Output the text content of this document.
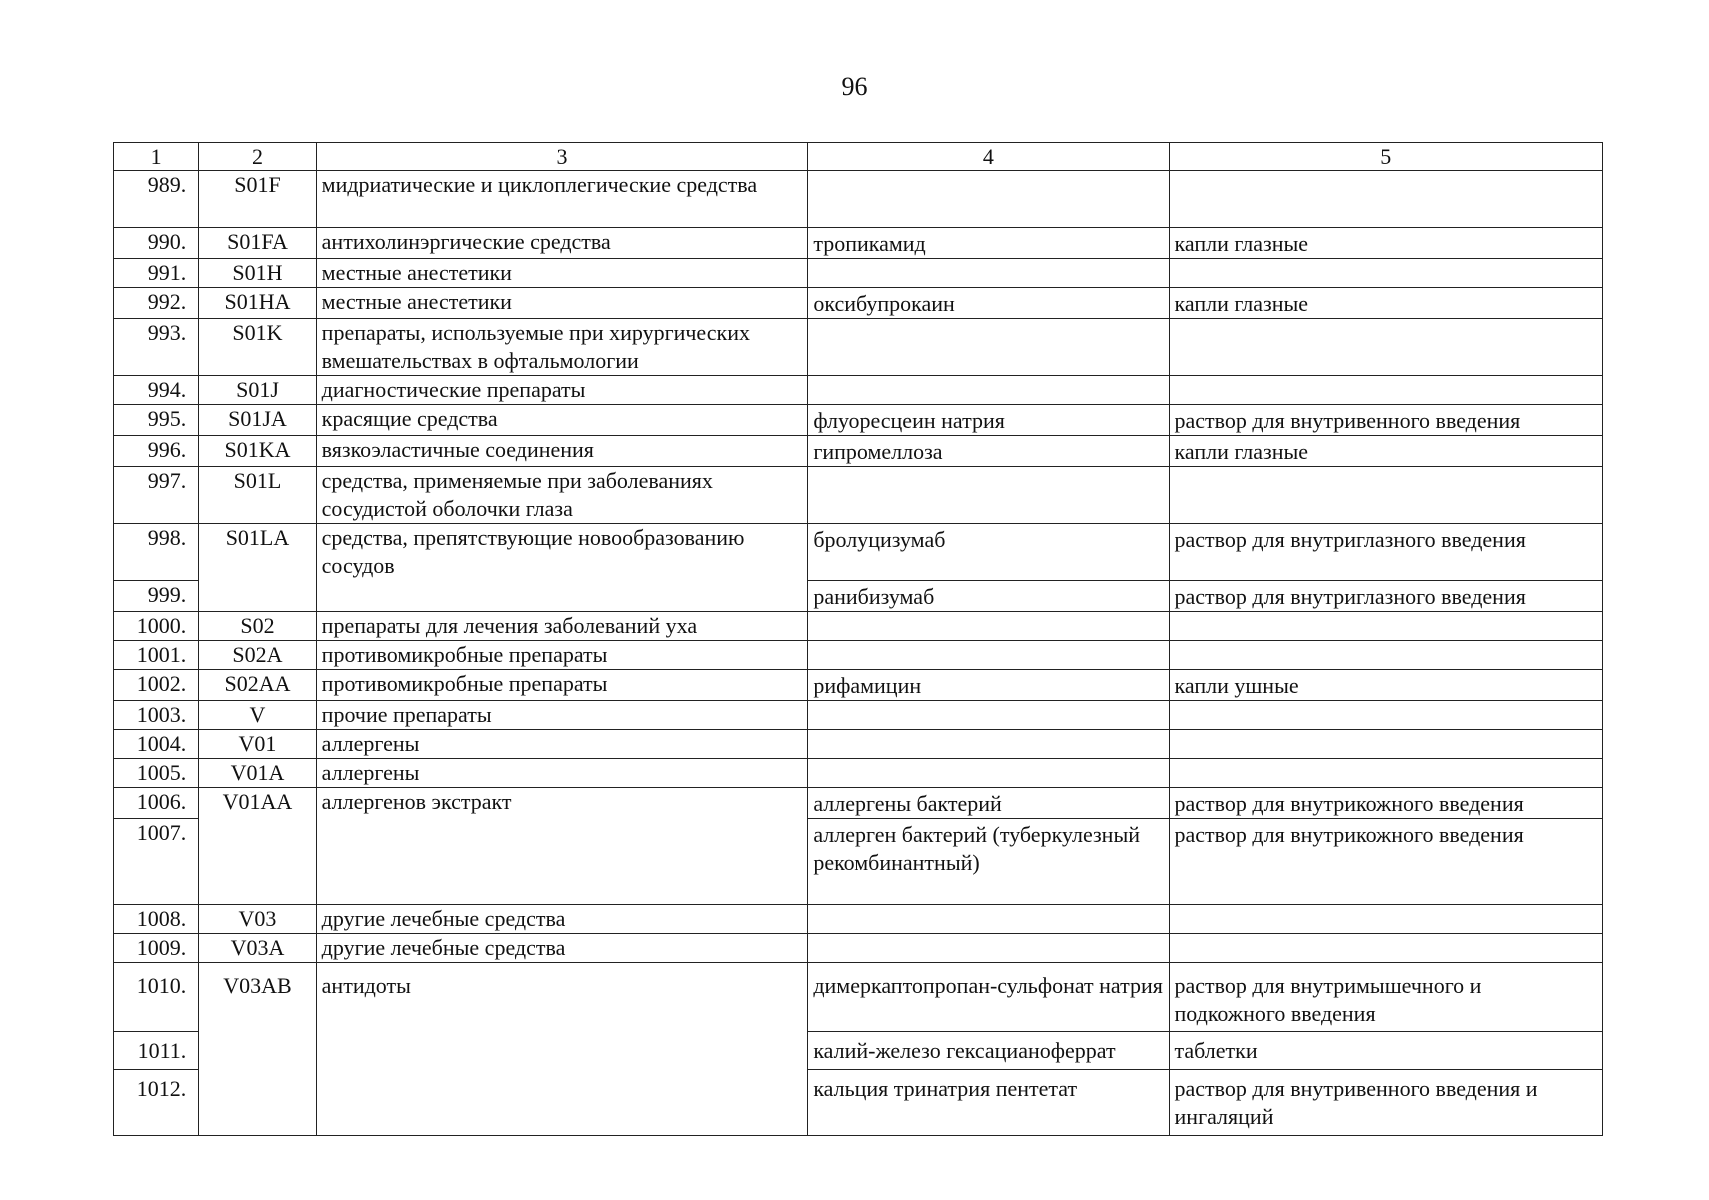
96
1	2	3	4	5
989.	S01F	мидриатические и циклоплегические средства		
990.	S01FA	антихолинэргические средства	тропикамид	капли глазные
991.	S01H	местные анестетики		
992.	S01HA	местные анестетики	оксибупрокаин	капли глазные
993.	S01K	препараты, используемые при хирургических вмешательствах в офтальмологии		
994.	S01J	диагностические препараты		
995.	S01JA	красящие средства	флуоресцеин натрия	раствор для внутривенного введения
996.	S01KA	вязкоэластичные соединения	гипромеллоза	капли глазные
997.	S01L	средства, применяемые при заболеваниях сосудистой оболочки глаза		
998.	S01LA	средства, препятствующие новообразованию сосудов	бролуцизумаб	раствор для внутриглазного введения
999.			ранибизумаб	раствор для внутриглазного введения
1000.	S02	препараты для лечения заболеваний уха		
1001.	S02A	противомикробные препараты		
1002.	S02AA	противомикробные препараты	рифамицин	капли ушные
1003.	V	прочие препараты		
1004.	V01	аллергены		
1005.	V01A	аллергены		
1006.	V01AA	аллергенов экстракт	аллергены бактерий	раствор для внутрикожного введения
1007.			аллерген бактерий (туберкулезный рекомбинантный)	раствор для внутрикожного введения
1008.	V03	другие лечебные средства		
1009.	V03A	другие лечебные средства		
1010.	V03AB	антидоты	димеркаптопропан-сульфонат натрия	раствор для внутримышечного и подкожного введения
1011.			калий-железо гексацианоферрат	таблетки
1012.			кальция тринатрия пентетат	раствор для внутривенного введения и ингаляций
